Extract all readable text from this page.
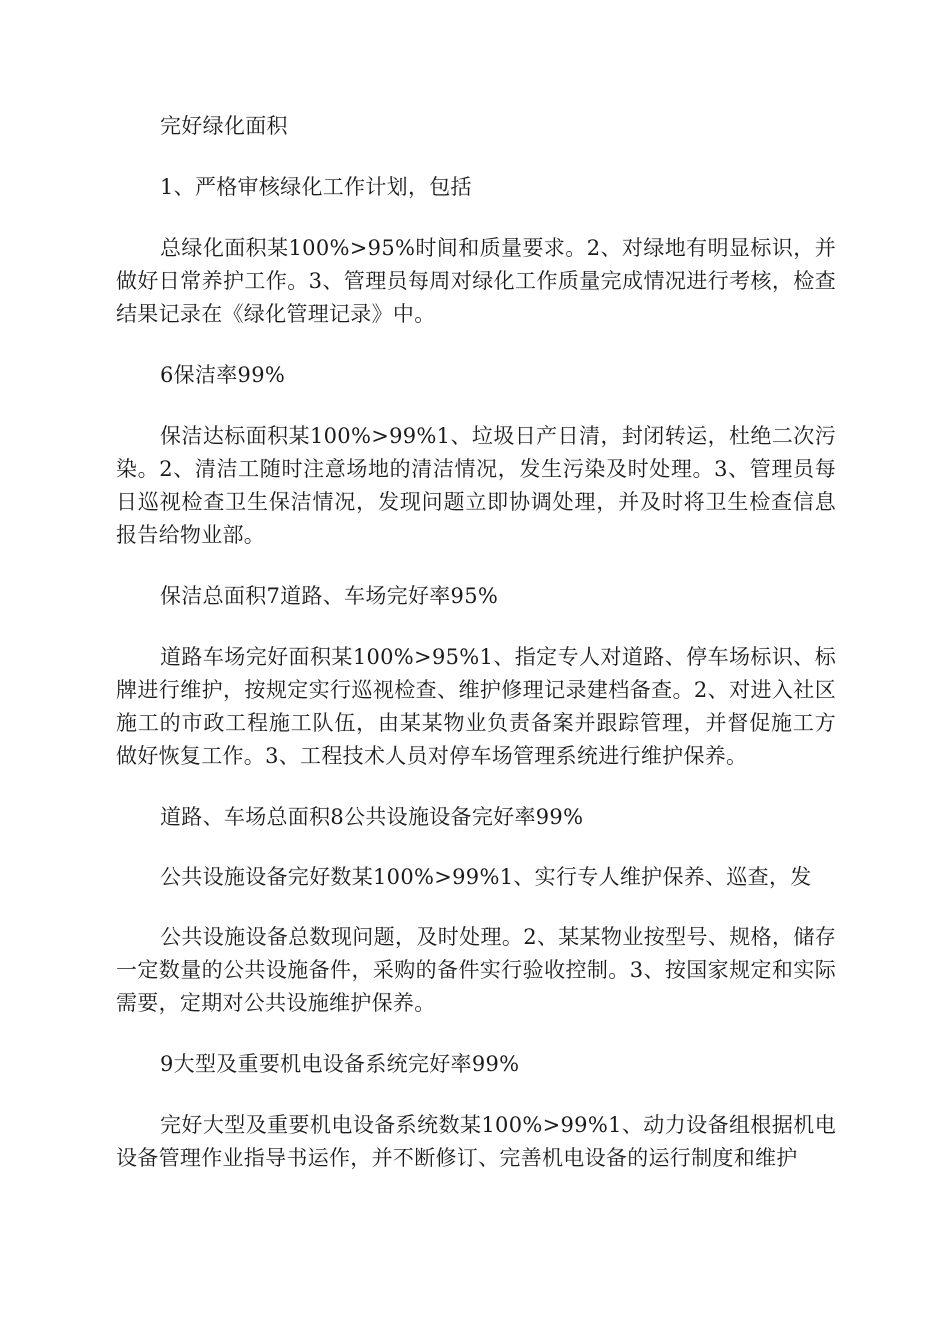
完好绿化面积

1、严格审核绿化工作计划，包括

总绿化面积某100%>95%时间和质量要求。2、对绿地有明显标识，并做好日常养护工作。3、管理员每周对绿化工作质量完成情况进行考核，检查结果记录在《绿化管理记录》中。

6保洁率99%

保洁达标面积某100%>99%1、垃圾日产日清，封闭转运，杜绝二次污染。2、清洁工随时注意场地的清洁情况，发生污染及时处理。3、管理员每日巡视检查卫生保洁情况，发现问题立即协调处理，并及时将卫生检查信息报告给物业部。

保洁总面积7道路、车场完好率95%

道路车场完好面积某100%>95%1、指定专人对道路、停车场标识、标牌进行维护，按规定实行巡视检查、维护修理记录建档备查。2、对进入社区施工的市政工程施工队伍，由某某物业负责备案并跟踪管理，并督促施工方做好恢复工作。3、工程技术人员对停车场管理系统进行维护保养。

道路、车场总面积8公共设施设备完好率99%

公共设施设备完好数某100%>99%1、实行专人维护保养、巡查，发

公共设施设备总数现问题，及时处理。2、某某物业按型号、规格，储存一定数量的公共设施备件，采购的备件实行验收控制。3、按国家规定和实际需要，定期对公共设施维护保养。

9大型及重要机电设备系统完好率99%

完好大型及重要机电设备系统数某100%>99%1、动力设备组根据机电设备管理作业指导书运作，并不断修订、完善机电设备的运行制度和维护
